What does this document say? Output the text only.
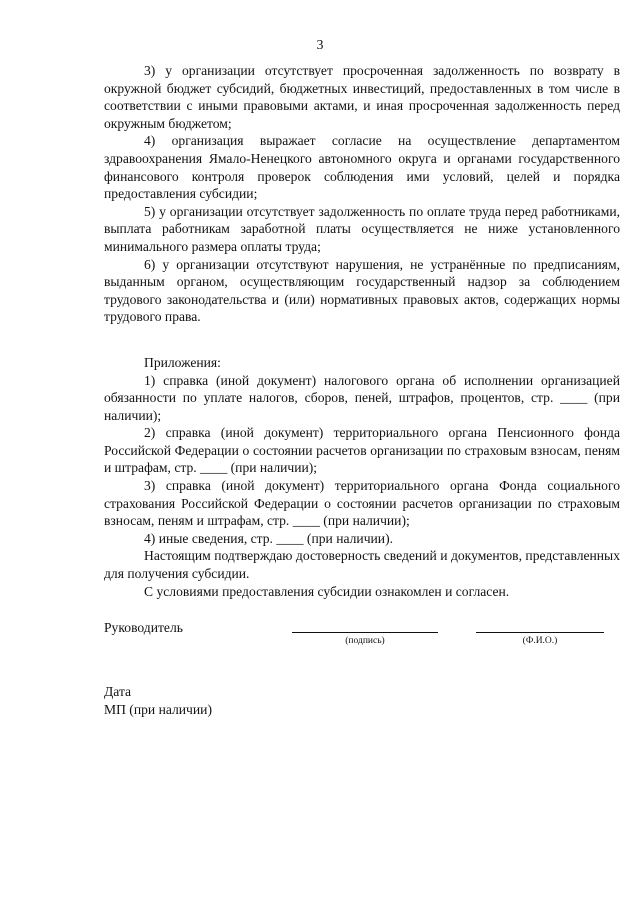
3

3) у организации отсутствует просроченная задолженность по возврату в окружной бюджет субсидий, бюджетных инвестиций, предоставленных в том числе в соответствии с иными правовыми актами, и иная просроченная задолженность перед окружным бюджетом;

4) организация выражает согласие на осуществление департаментом здравоохранения Ямало-Ненецкого автономного округа и органами государственного финансового контроля проверок соблюдения ими условий, целей и порядка предоставления субсидии;

5) у организации отсутствует задолженность по оплате труда перед работниками, выплата работникам заработной платы осуществляется не ниже установленного минимального размера оплаты труда;

6) у организации отсутствуют нарушения, не устранённые по предписаниям, выданным органом, осуществляющим государственный надзор за соблюдением трудового законодательства и (или) нормативных правовых актов, содержащих нормы трудового права.

Приложения:

1) справка (иной документ) налогового органа об исполнении организацией обязанности по уплате налогов, сборов, пеней, штрафов, процентов, стр. ____ (при наличии);

2) справка (иной документ) территориального органа Пенсионного фонда Российской Федерации о состоянии расчетов организации по страховым взносам, пеням и штрафам, стр. ____ (при наличии);

3) справка (иной документ) территориального органа Фонда социального страхования Российской Федерации о состоянии расчетов организации по страховым взносам, пеням и штрафам, стр. ____ (при наличии);

4) иные сведения, стр. ____ (при наличии).

Настоящим подтверждаю достоверность сведений и документов, представленных для получения субсидии.

С условиями предоставления субсидии ознакомлен и согласен.

Руководитель
(подпись)	(Ф.И.О.)
Дата
МП (при наличии)
